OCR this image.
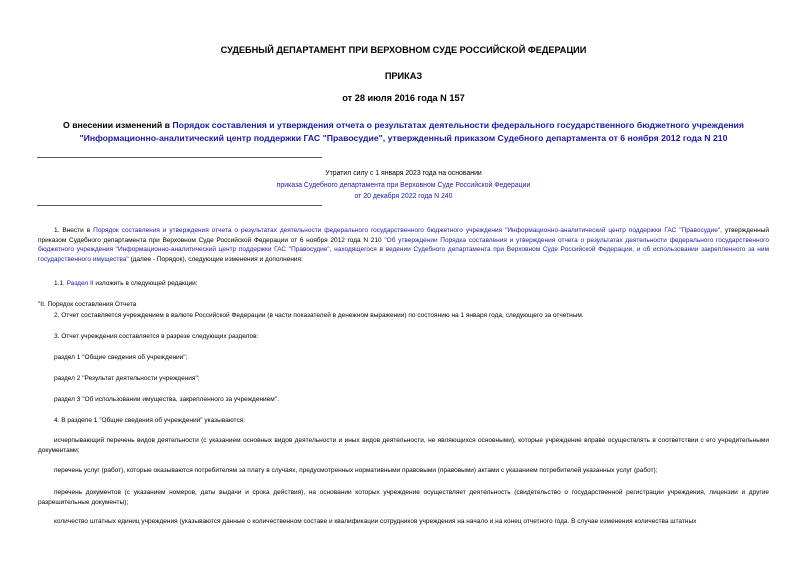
СУДЕБНЫЙ ДЕПАРТАМЕНТ ПРИ ВЕРХОВНОМ СУДЕ РОССИЙСКОЙ ФЕДЕРАЦИИ
ПРИКАЗ
от 28 июля 2016 года N 157
О внесении изменений в Порядок составления и утверждения отчета о результатах деятельности федерального государственного бюджетного учреждения "Информационно-аналитический центр поддержки ГАС "Правосудие", утвержденный приказом Судебного департамента от 6 ноября 2012 года N 210
Утратил силу с 1 января 2023 года на основании
приказа Судебного департамента при Верховном Суде Российской Федерации
от 20 декабря 2022 года N 240
1. Внести в Порядок составления и утверждения отчета о результатах деятельности федерального государственного бюджетного учреждения "Информационно-аналитический центр поддержки ГАС "Правосудие", утвержденный приказом Судебного департамента при Верховном Суде Российской Федерации от 6 ноября 2012 года N 210 "Об утверждении Порядка составления и утверждения отчета о результатах деятельности федерального государственного бюджетного учреждения "Информационно-аналитический центр поддержки ГАС "Правосудие", находящегося в ведении Судебного департамента при Верховном Суде Российской Федерации, и об использовании закрепленного за ним государственного имущества" (далее - Порядок), следующие изменения и дополнения:
1.1. Раздел II изложить в следующей редакции:
"II. Порядок составления Отчета
2. Отчет составляется учреждением в валюте Российской Федерации (в части показателей в денежном выражении) по состоянию на 1 января года, следующего за отчетным.
3. Отчет учреждения составляется в разрезе следующих разделов:
раздел 1 "Общие сведения об учреждении";
раздел 2 "Результат деятельности учреждения";
раздел 3 "Об использовании имущества, закрепленного за учреждением".
4. В разделе 1 "Общие сведения об учреждении" указываются:
исчерпывающий перечень видов деятельности (с указанием основных видов деятельности и иных видов деятельности, не являющихся основными), которые учреждение вправе осуществлять в соответствии с его учредительными документами;
перечень услуг (работ), которые оказываются потребителям за плату в случаях, предусмотренных нормативными правовыми (правовыми) актами с указанием потребителей указанных услуг (работ);
перечень документов (с указанием номеров, даты выдачи и срока действия), на основании которых учреждение осуществляет деятельность (свидетельство о государственной регистрации учреждения, лицензии и другие разрешительные документы);
количество штатных единиц учреждения (указываются данные о количественном составе и квалификации сотрудников учреждения на начало и на конец отчетного года. В случае изменения количества штатных
